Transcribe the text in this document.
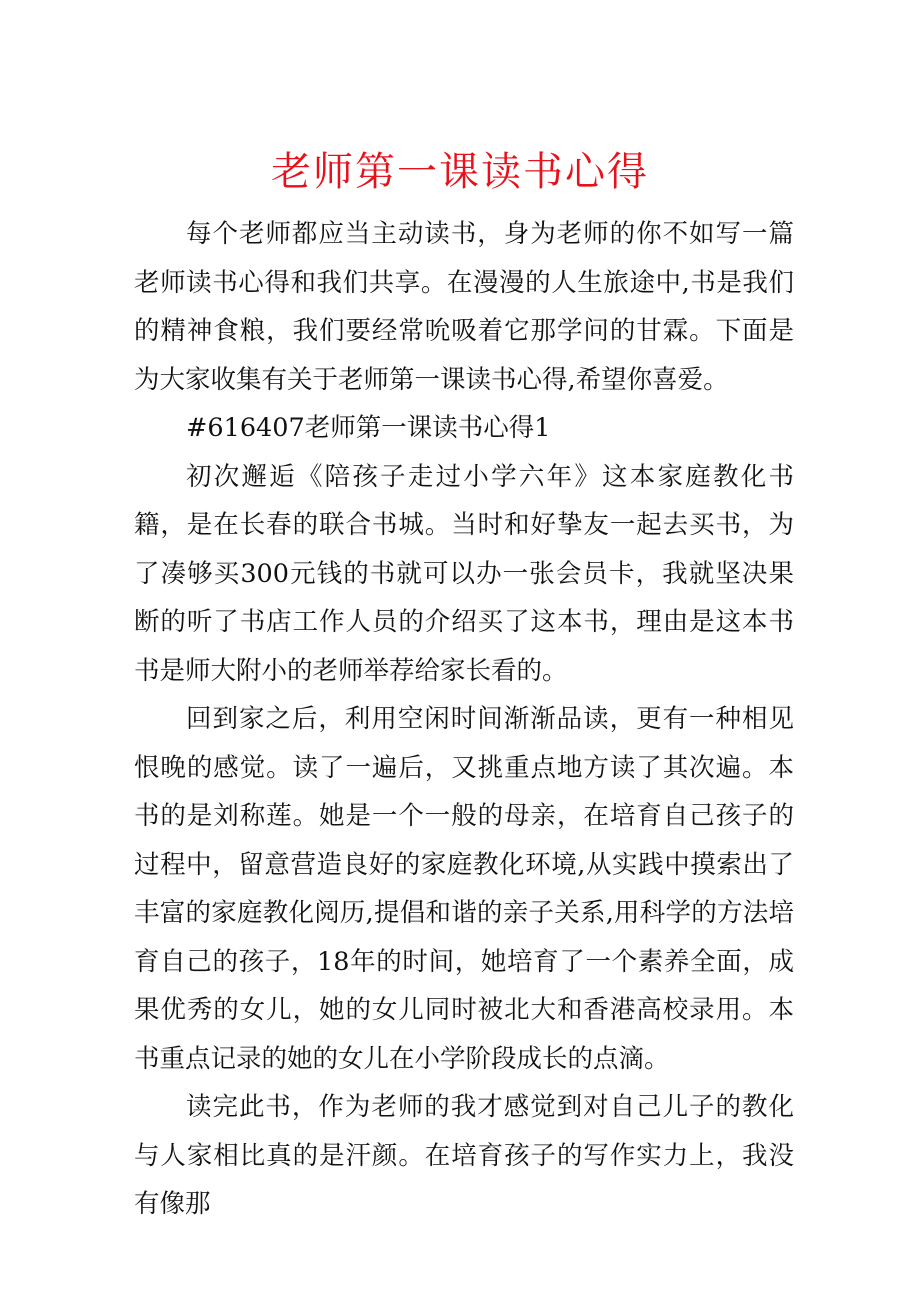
老师第一课读书心得

每个老师都应当主动读书，身为老师的你不如写一篇老师读书心得和我们共享。在漫漫的人生旅途中,书是我们的精神食粮，我们要经常吮吸着它那学问的甘霖。下面是为大家收集有关于老师第一课读书心得,希望你喜爱。

#616407老师第一课读书心得1

初次邂逅《陪孩子走过小学六年》这本家庭教化书籍，是在长春的联合书城。当时和好挚友一起去买书，为了凑够买300元钱的书就可以办一张会员卡，我就坚决果断的听了书店工作人员的介绍买了这本书，理由是这本书书是师大附小的老师举荐给家长看的。

回到家之后，利用空闲时间渐渐品读，更有一种相见恨晚的感觉。读了一遍后，又挑重点地方读了其次遍。本书的是刘称莲。她是一个一般的母亲，在培育自己孩子的过程中，留意营造良好的家庭教化环境,从实践中摸索出了丰富的家庭教化阅历,提倡和谐的亲子关系,用科学的方法培育自己的孩子，18年的时间，她培育了一个素养全面，成果优秀的女儿，她的女儿同时被北大和香港高校录用。本书重点记录的她的女儿在小学阶段成长的点滴。

读完此书，作为老师的我才感觉到对自己儿子的教化与人家相比真的是汗颜。在培育孩子的写作实力上，我没有像那
